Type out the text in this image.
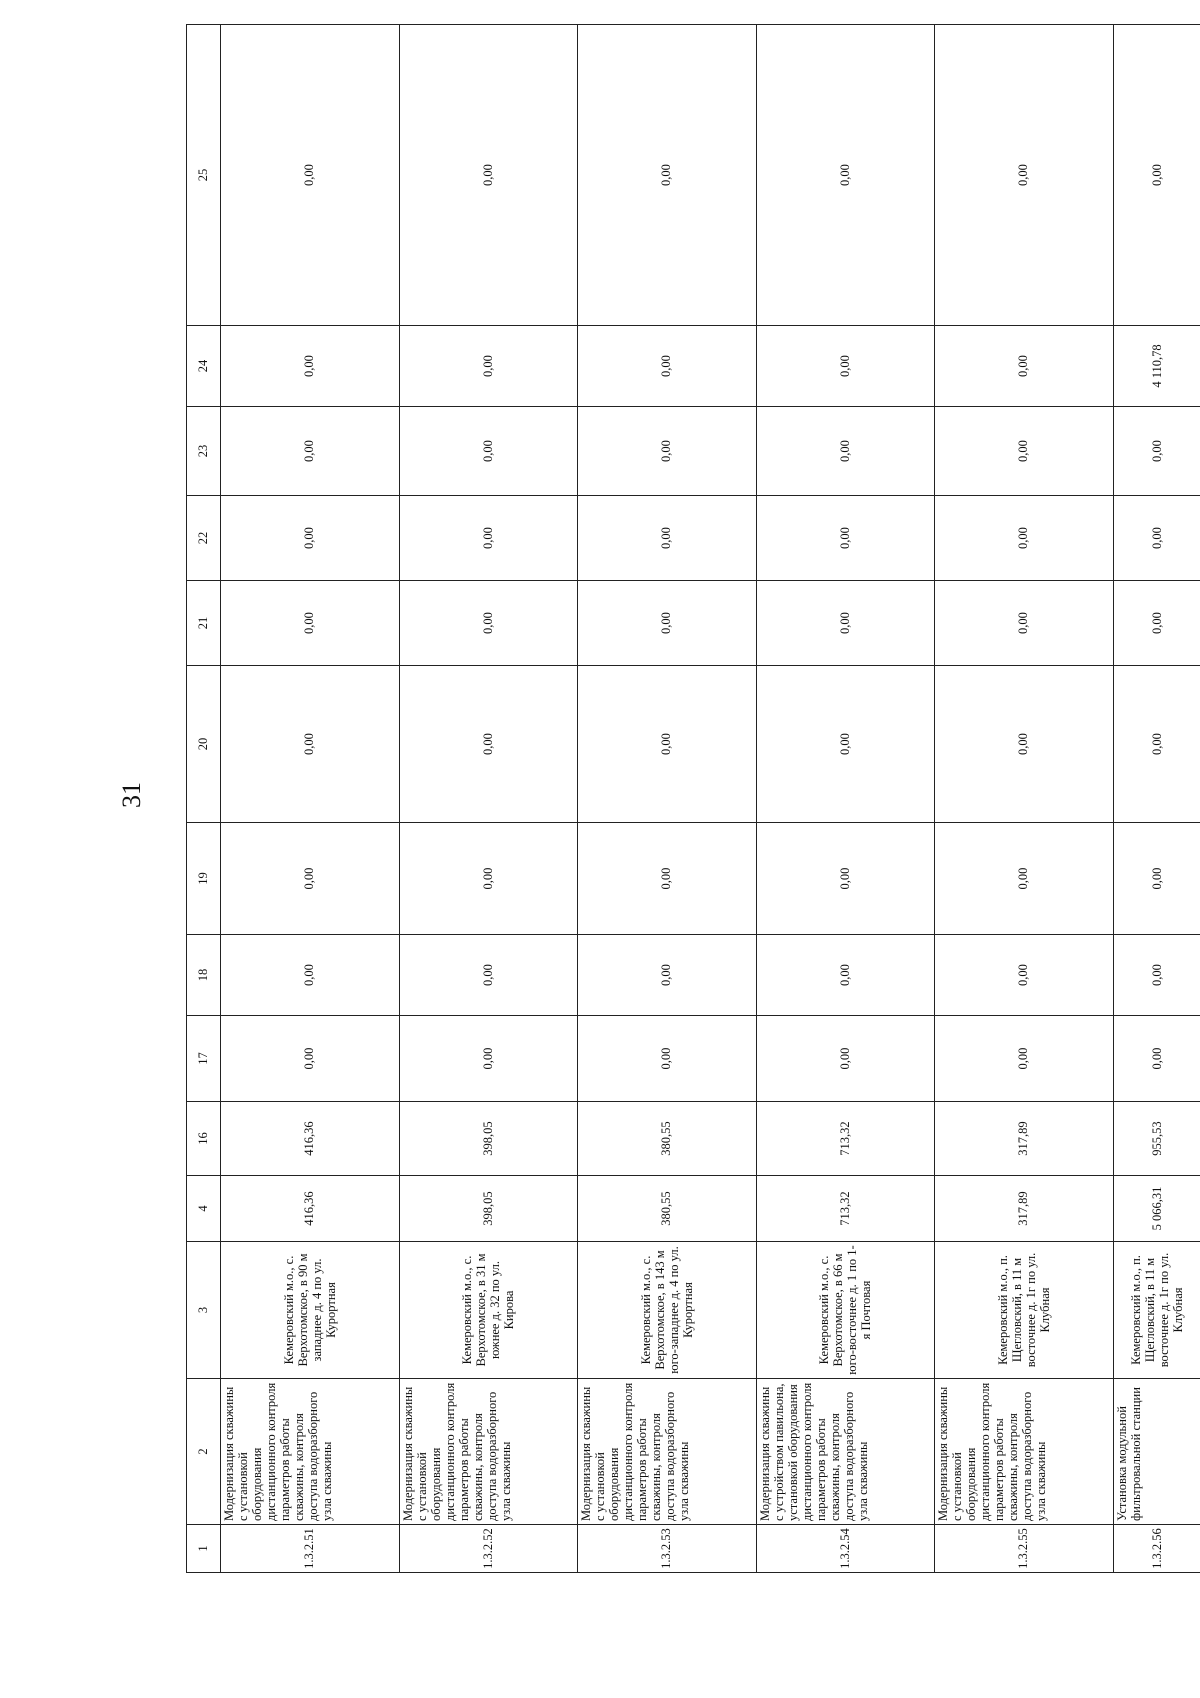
31
1	2	3	4	16	17	18	19	20	21	22	23	24	25
1.3.2.51	Модернизация скважины с установкой оборудования дистанционного контроля параметров работы скважины, контроля доступа водоразборного узла скважины	Кемеровский м.о., с. Верхотомское, в 90 м западнее д. 4 по ул. Курортная	416,36	416,36	0,00	0,00	0,00	0,00	0,00	0,00	0,00	0,00	0,00
1.3.2.52	Модернизация скважины с установкой оборудования дистанционного контроля параметров работы скважины, контроля доступа водоразборного узла скважины	Кемеровский м.о., с. Верхотомское, в 31 м южнее д. 32 по ул. Кирова	398,05	398,05	0,00	0,00	0,00	0,00	0,00	0,00	0,00	0,00	0,00
1.3.2.53	Модернизация скважины с установкой оборудования дистанционного контроля параметров работы скважины, контроля доступа водоразборного узла скважины	Кемеровский м.о., с. Верхотомское, в 143 м юго-западнее д. 4 по ул. Курортная	380,55	380,55	0,00	0,00	0,00	0,00	0,00	0,00	0,00	0,00	0,00
1.3.2.54	Модернизация скважины с устройством павильона, установкой оборудования дистанционного контроля параметров работы скважины, контроля доступа водоразборного узла скважины	Кемеровский м.о., с. Верхотомское, в 66 м юго-восточнее д. 1 по 1-я Почтовая	713,32	713,32	0,00	0,00	0,00	0,00	0,00	0,00	0,00	0,00	0,00
1.3.2.55	Модернизация скважины с установкой оборудования дистанционного контроля параметров работы скважины, контроля доступа водоразборного узла скважины	Кемеровский м.о., п. Щегловский, в 11 м восточнее д. 1г по ул. Клубная	317,89	317,89	0,00	0,00	0,00	0,00	0,00	0,00	0,00	0,00	0,00
1.3.2.56	Установка модульной фильтровальной станции	Кемеровский м.о., п. Щегловский, в 11 м восточнее д. 1г по ул. Клубная	5 066,31	955,53	0,00	0,00	0,00	0,00	0,00	0,00	0,00	4 110,78	0,00
